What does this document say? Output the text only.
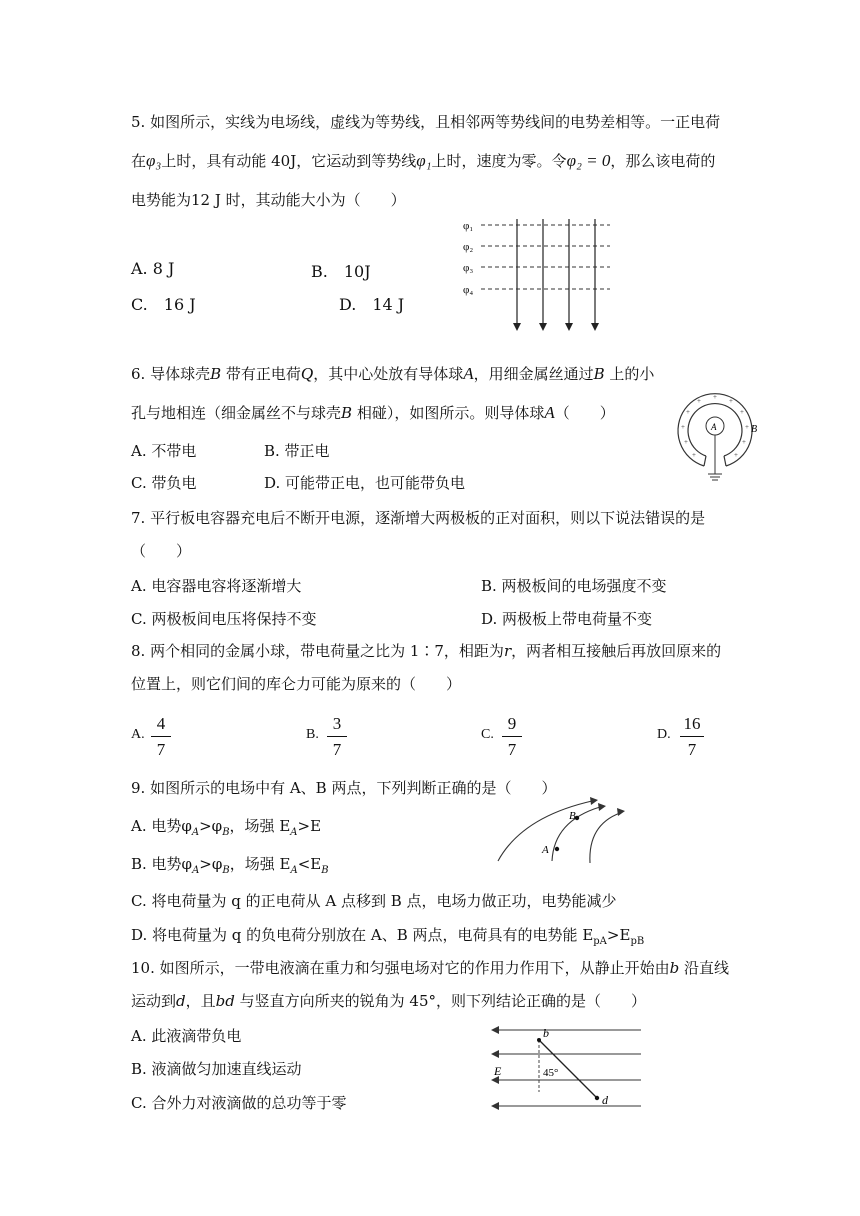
5. 如图所示，实线为电场线，虚线为等势线，且相邻两等势线间的电势差相等。一正电荷
在φ₃上时，具有动能 40J，它运动到等势线φ₁上时，速度为零。令φ₂ = 0，那么该电荷的
电势能为12 J 时，其动能大小为（　　）
A. 8 J	B.　10J
C.　16 J	D.　14 J
φ₁
φ₂
φ₃
φ₄
6. 导体球壳B 带有正电荷Q，其中心处放有导体球A，用细金属丝通过B 上的小
孔与地相连（细金属丝不与球壳B 相碰），如图所示。则导体球A（　　）
A. 不带电	B. 带正电
C. 带负电	D. 可能带正电，也可能带负电
+
+	+
+	+
+	+
+	+
+	+
A	B
7. 平行板电容器充电后不断开电源，逐渐增大两极板的正对面积，则以下说法错误的是
（　　）
A. 电容器电容将逐渐增大	B. 两极板间的电场强度不变
C. 两极板间电压将保持不变	D. 两极板上带电荷量不变
8. 两个相同的金属小球，带电荷量之比为 1∶7，相距为r，两者相互接触后再放回原来的
位置上，则它们间的库仑力可能为原来的（　　）
A.
4
7
B.
3
7
C.
9
7
D.
16
7
9. 如图所示的电场中有 A、B 两点，下列判断正确的是（　　）
A. 电势$\varphi_A>\varphi_B$，场强 $E_A>E$
B. 电势$\varphi_A>\varphi_B$，场强 $E_A<E_B$
C. 将电荷量为 q 的正电荷从 A 点移到 B 点，电场力做正功，电势能减少
D. 将电荷量为 q 的负电荷分别放在 A、B 两点，电荷具有的电势能 $E_{pA}>E_{pB}$
A
B
10. 如图所示，一带电液滴在重力和匀强电场对它的作用力作用下，从静止开始由b 沿直线
运动到d，且bd 与竖直方向所夹的锐角为 45°，则下列结论正确的是（　　）
A. 此液滴带负电
B. 液滴做匀加速直线运动
C. 合外力对液滴做的总功等于零
b
d
E	45°
